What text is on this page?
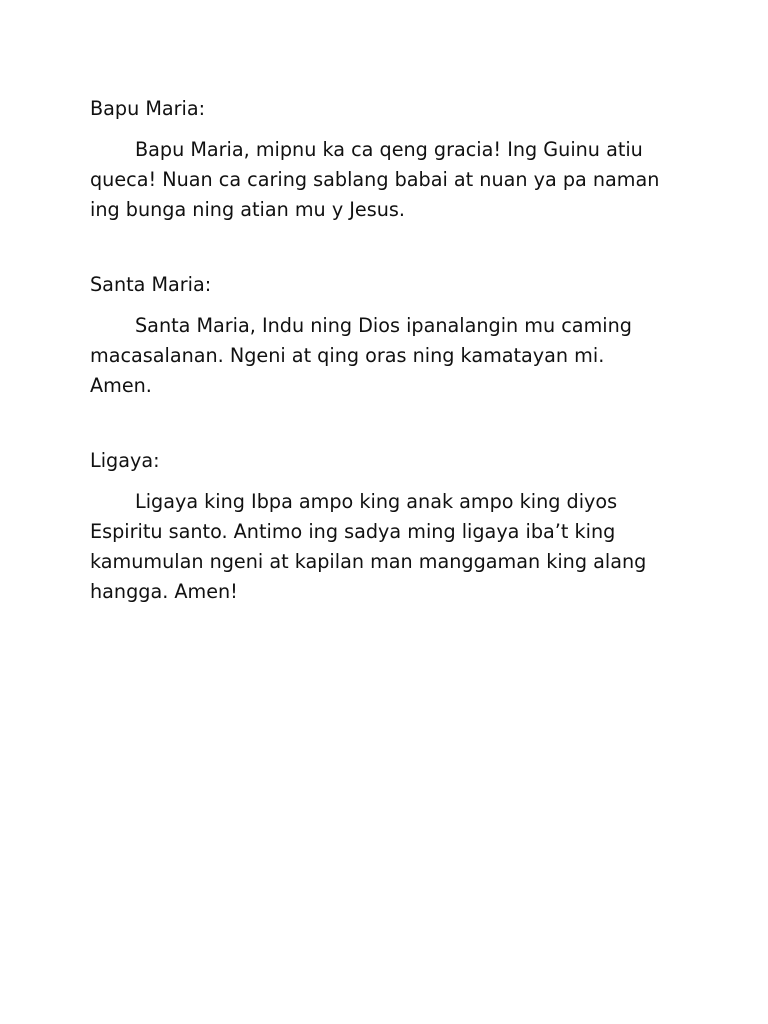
Bapu Maria:

Bapu Maria, mipnu ka ca qeng gracia! Ing Guinu atiu queca! Nuan ca caring sablang babai at nuan ya pa naman ing bunga ning atian mu y Jesus.

Santa Maria:

Santa Maria, Indu ning Dios ipanalangin mu caming macasalanan. Ngeni at qing oras ning kamatayan mi. Amen.

Ligaya:

Ligaya king Ibpa ampo king anak ampo king diyos Espiritu santo. Antimo ing sadya ming ligaya iba’t king kamumulan ngeni at kapilan man manggaman king alang hangga. Amen!
